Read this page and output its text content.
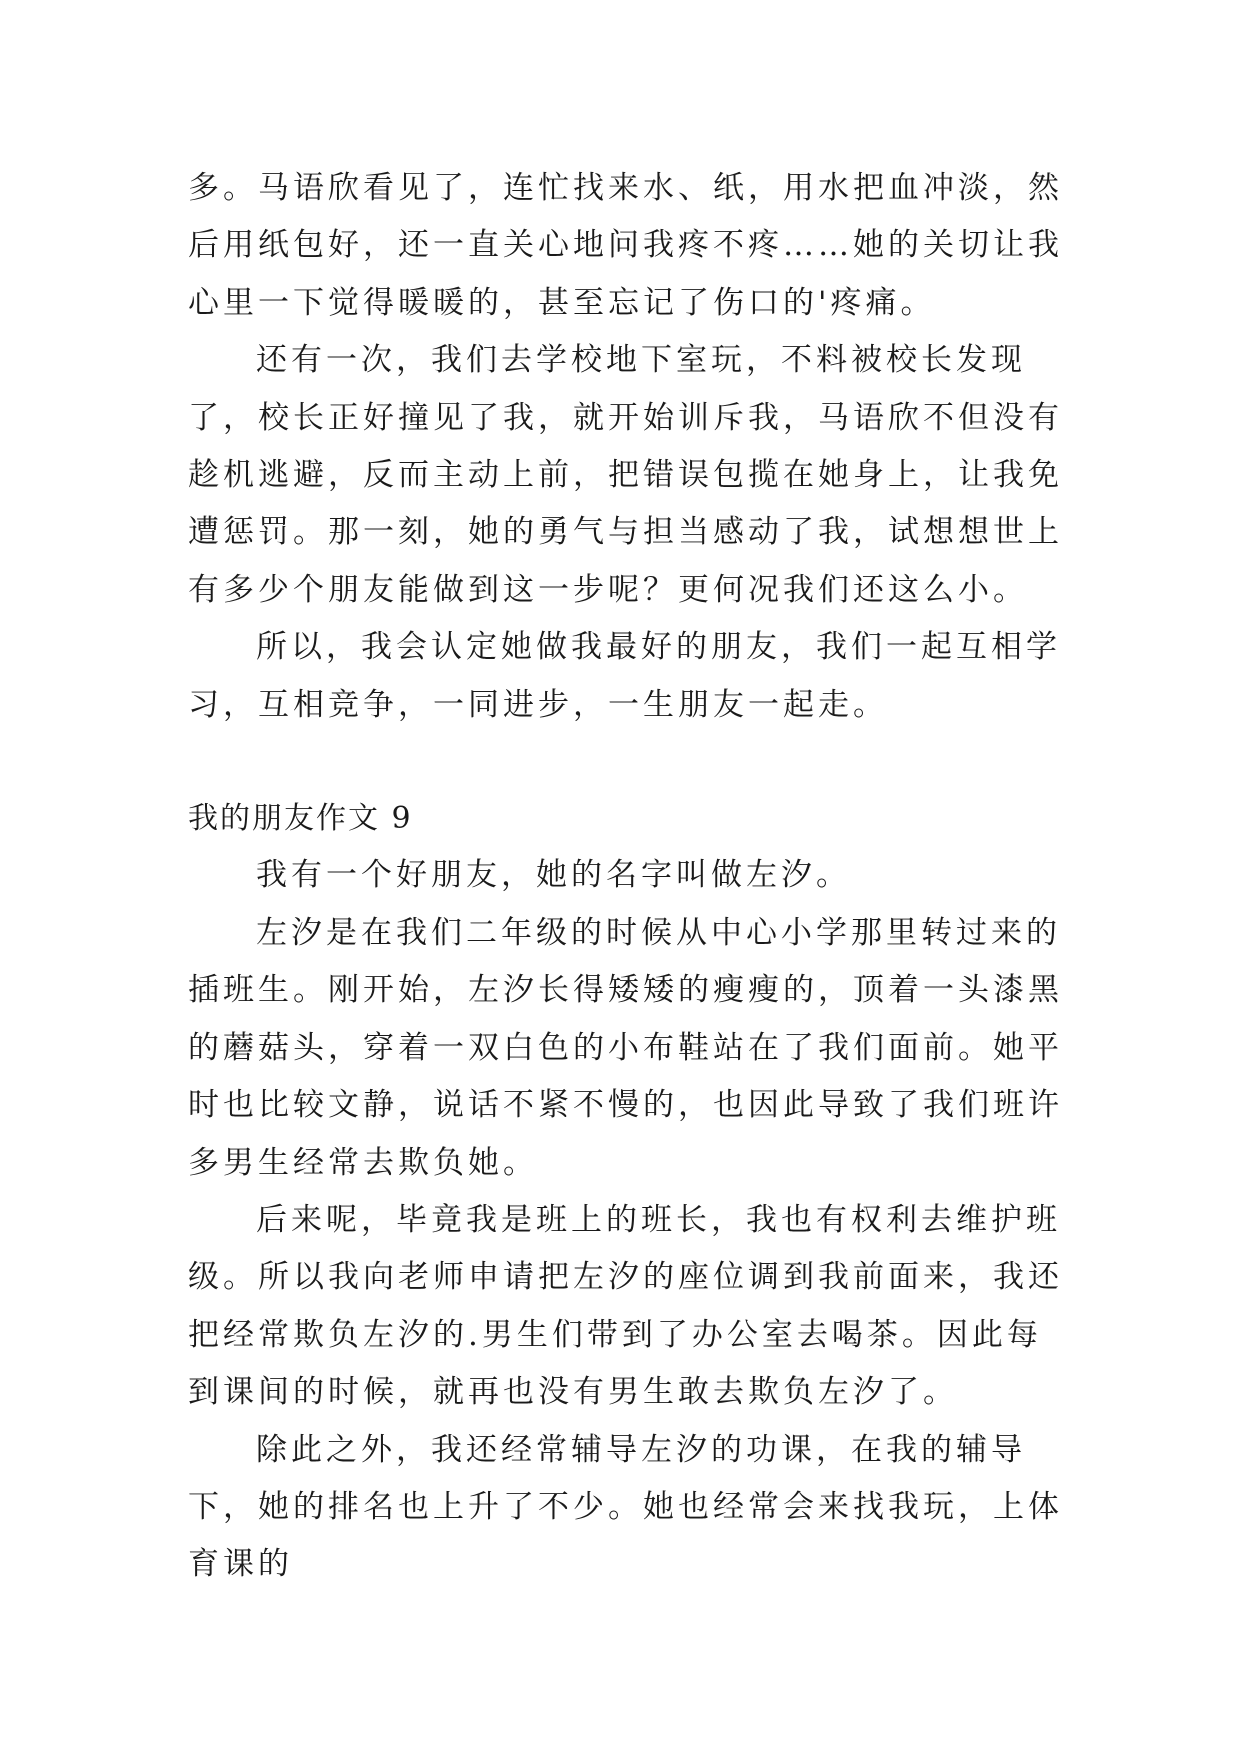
多。马语欣看见了，连忙找来水、纸，用水把血冲淡，然后用纸包好，还一直关心地问我疼不疼……她的关切让我心里一下觉得暖暖的，甚至忘记了伤口的'疼痛。

还有一次，我们去学校地下室玩，不料被校长发现了，校长正好撞见了我，就开始训斥我，马语欣不但没有趁机逃避，反而主动上前，把错误包揽在她身上，让我免遭惩罚。那一刻，她的勇气与担当感动了我，试想想世上有多少个朋友能做到这一步呢？更何况我们还这么小。

所以，我会认定她做我最好的朋友，我们一起互相学习，互相竞争，一同进步，一生朋友一起走。

我的朋友作文 9

我有一个好朋友，她的名字叫做左汐。

左汐是在我们二年级的时候从中心小学那里转过来的插班生。刚开始，左汐长得矮矮的瘦瘦的，顶着一头漆黑的蘑菇头，穿着一双白色的小布鞋站在了我们面前。她平时也比较文静，说话不紧不慢的，也因此导致了我们班许多男生经常去欺负她。

后来呢，毕竟我是班上的班长，我也有权利去维护班级。所以我向老师申请把左汐的座位调到我前面来，我还把经常欺负左汐的.男生们带到了办公室去喝茶。因此每到课间的时候，就再也没有男生敢去欺负左汐了。

除此之外，我还经常辅导左汐的功课，在我的辅导下，她的排名也上升了不少。她也经常会来找我玩，上体育课的
